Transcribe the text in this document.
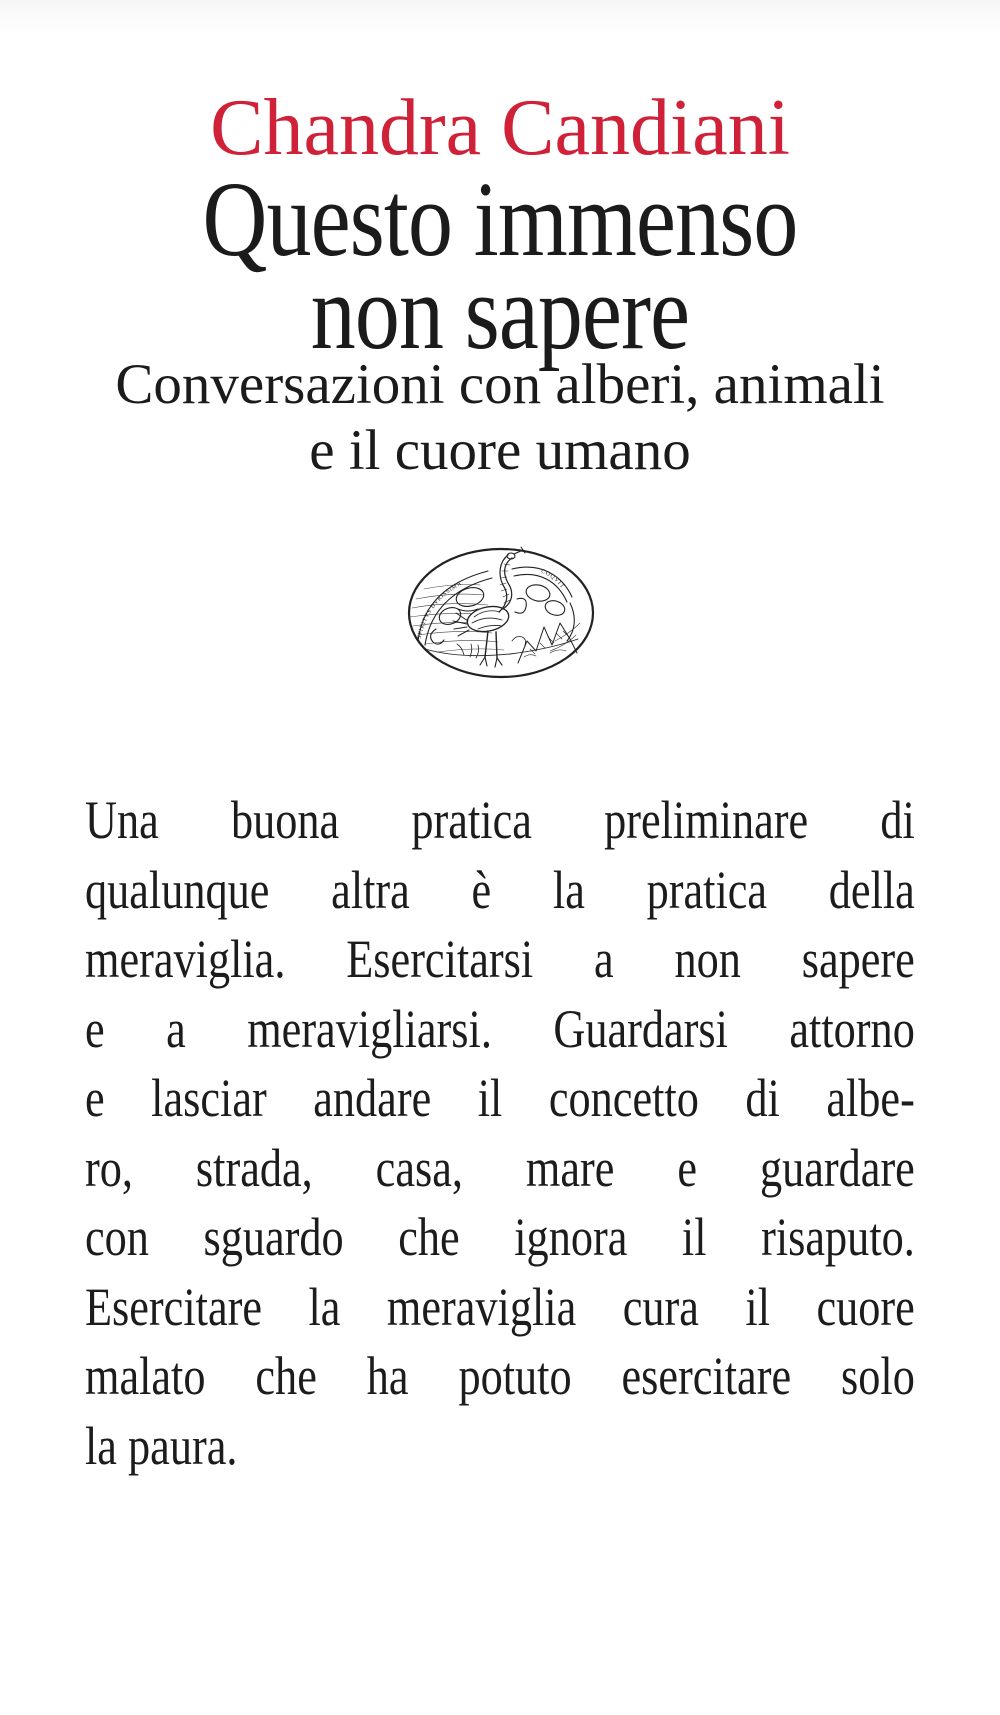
Chandra Candiani
Questo immenso
non sapere
Conversazioni con alberi, animali
e il cuore umano
SPIRITVS DVRISSIMA
COQVIT
Una buona pratica preliminare di
qualunque altra è la pratica della
meraviglia. Esercitarsi a non sapere
e a meravigliarsi. Guardarsi attorno
e lasciar andare il concetto di albe-
ro, strada, casa, mare e guardare
con sguardo che ignora il risaputo.
Esercitare la meraviglia cura il cuore
malato che ha potuto esercitare solo
la paura.
